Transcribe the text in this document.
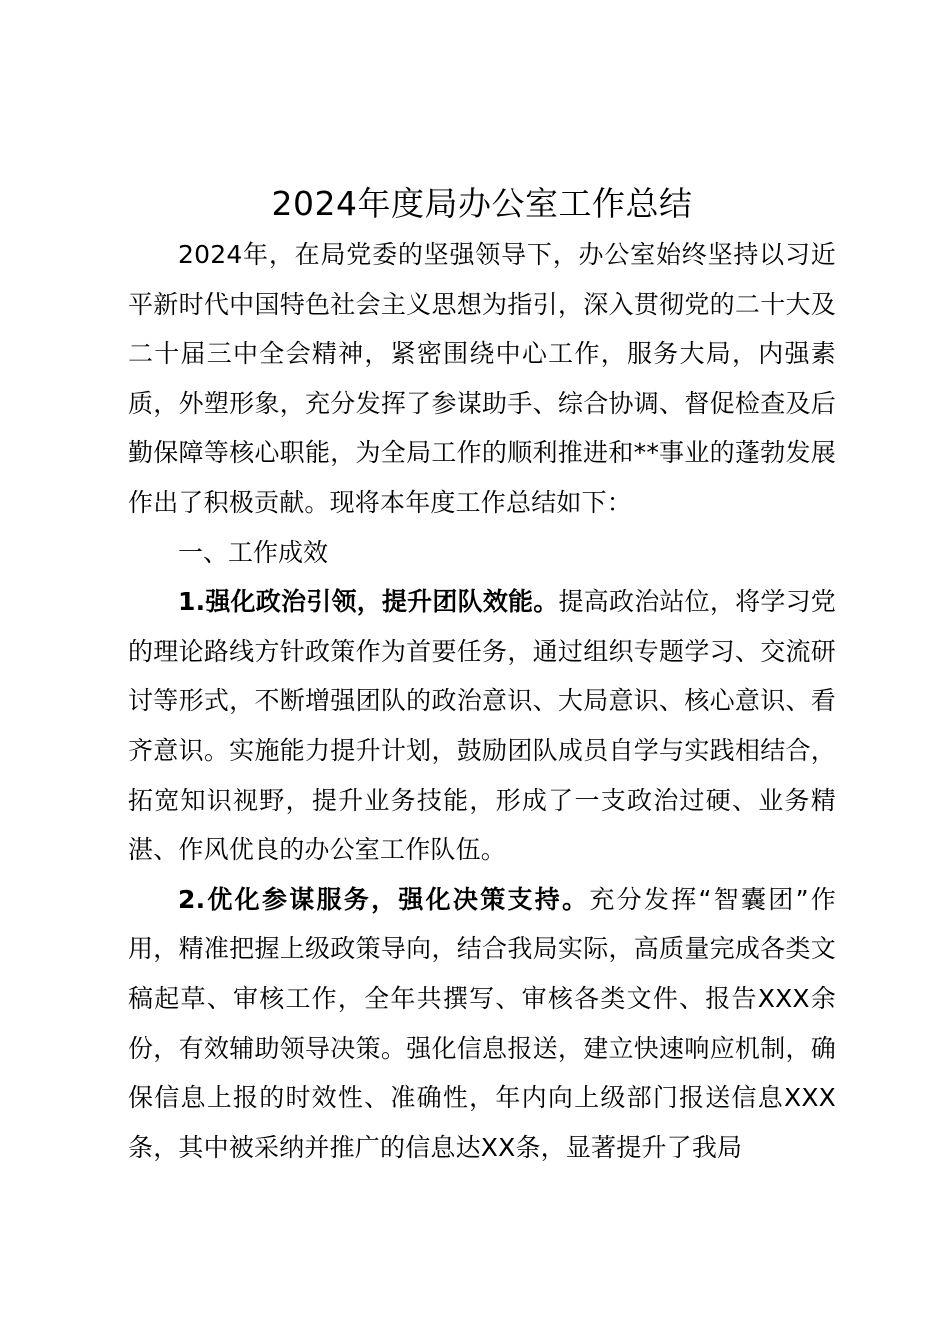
2024年度局办公室工作总结

2024年，在局党委的坚强领导下，办公室始终坚持以习近平新时代中国特色社会主义思想为指引，深入贯彻党的二十大及二十届三中全会精神，紧密围绕中心工作，服务大局，内强素质，外塑形象，充分发挥了参谋助手、综合协调、督促检查及后勤保障等核心职能，为全局工作的顺利推进和**事业的蓬勃发展作出了积极贡献。现将本年度工作总结如下：

一、工作成效

1.强化政治引领，提升团队效能。提高政治站位，将学习党的理论路线方针政策作为首要任务，通过组织专题学习、交流研讨等形式，不断增强团队的政治意识、大局意识、核心意识、看齐意识。实施能力提升计划，鼓励团队成员自学与实践相结合，拓宽知识视野，提升业务技能，形成了一支政治过硬、业务精湛、作风优良的办公室工作队伍。

2.优化参谋服务，强化决策支持。充分发挥“智囊团”作用，精准把握上级政策导向，结合我局实际，高质量完成各类文稿起草、审核工作，全年共撰写、审核各类文件、报告XXX余份，有效辅助领导决策。强化信息报送，建立快速响应机制，确保信息上报的时效性、准确性，年内向上级部门报送信息XXX条，其中被采纳并推广的信息达XX条，显著提升了我局
